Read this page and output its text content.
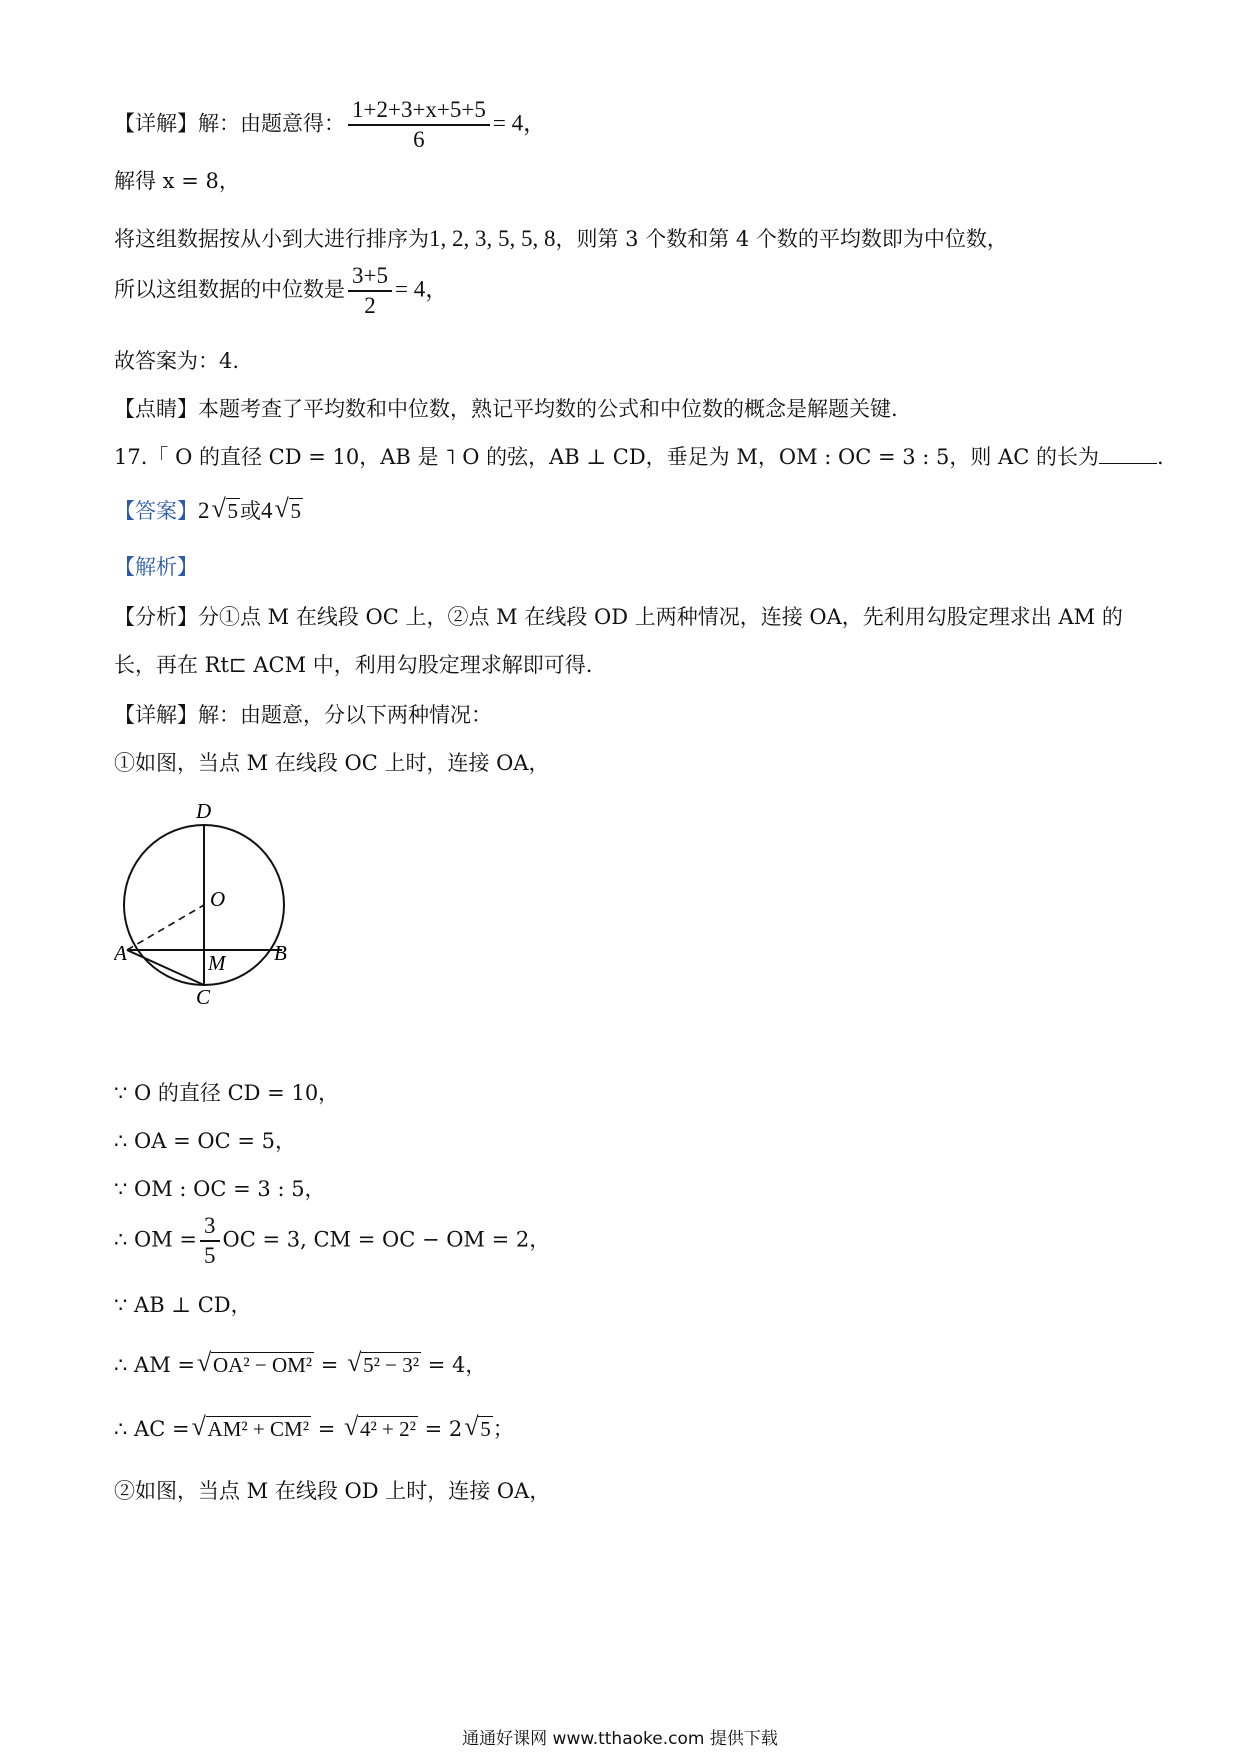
【详解】解：由题意得： $\frac{1+2+3+x+5+5}{6} = 4$，
解得 x = 8，
将这组数据按从小到大进行排序为1, 2, 3, 5, 5, 8，则第 3 个数和第 4 个数的平均数即为中位数，
所以这组数据的中位数是 $\frac{3+5}{2} = 4$，
故答案为：4.
【点睛】本题考查了平均数和中位数，熟记平均数的公式和中位数的概念是解题关键.
17.「 O 的直径 CD = 10，AB 是 ˥ O 的弦，AB ⊥ CD，垂足为 M，OM : OC = 3 : 5，则 AC 的长为	.
【答案】2 √ 5或4 √ 5
【解析】
【分析】分①点 M 在线段 OC 上，②点 M 在线段 OD 上两种情况，连接 OA，先利用勾股定理求出 AM 的
长，再在 Rt⊏ ACM 中，利用勾股定理求解即可得.
【详解】解：由题意，分以下两种情况：
①如图，当点 M 在线段 OC 上时，连接 OA，
D
O
A	M B
C
∵ O 的直径 CD = 10，
∴ OA = OC = 5，
∵ OM : OC = 3 : 5，
∴ OM = $\frac{3}{5}$ OC = 3, CM = OC − OM = 2，
∵ AB ⊥ CD，
∴ AM = √ OA² − OM² = √ 5² − 3² = 4，
∴ AC = √ AM² + CM² = √ 4² + 2² = 2 √ 5；
②如图，当点 M 在线段 OD 上时，连接 OA，
通通好课网 www.tthaoke.com 提供下载
